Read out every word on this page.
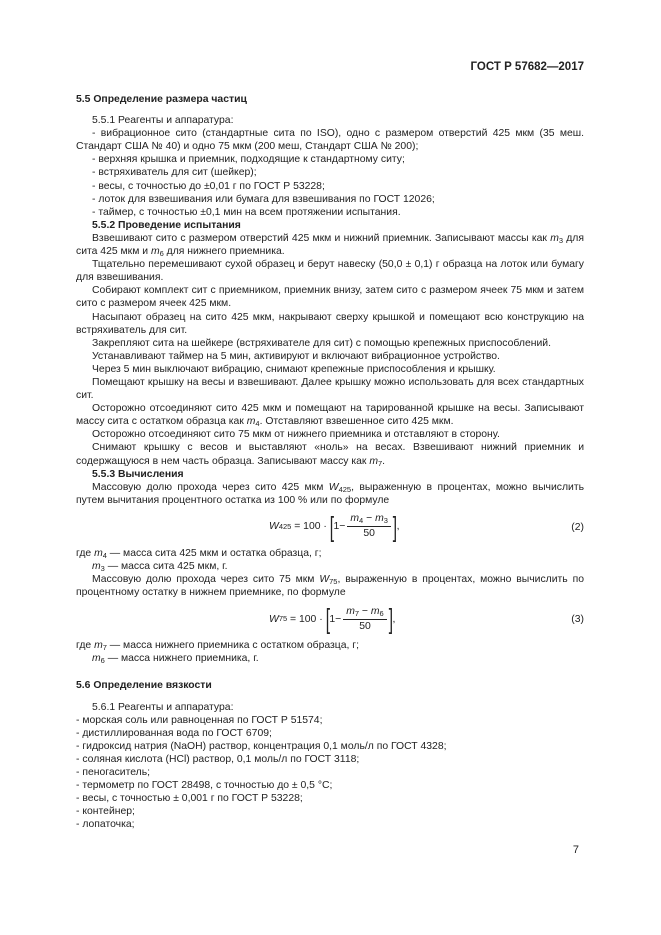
ГОСТ Р 57682—2017

5.5 Определение размера частиц

5.5.1 Реагенты и аппаратура:

- вибрационное сито (стандартные сита по ISO), одно с размером отверстий 425 мкм (35 меш. Стандарт США № 40) и одно 75 мкм (200 меш, Стандарт США № 200);

- верхняя крышка и приемник, подходящие к стандартному ситу;

- встряхиватель для сит (шейкер);

- весы, с точностью до ±0,01 г по ГОСТ Р 53228;

- лоток для взвешивания или бумага для взвешивания по ГОСТ 12026;

- таймер, с точностью ±0,1 мин на всем протяжении испытания.

5.5.2 Проведение испытания

Взвешивают сито с размером отверстий 425 мкм и нижний приемник. Записывают массы как $m_3$ для сита 425 мкм и $m_6$ для нижнего приемника.

Тщательно перемешивают сухой образец и берут навеску (50,0 ± 0,1) г образца на лоток или бумагу для взвешивания.

Собирают комплект сит с приемником, приемник внизу, затем сито с размером ячеек 75 мкм и затем сито с размером ячеек 425 мкм.

Насыпают образец на сито 425 мкм, накрывают сверху крышкой и помещают всю конструкцию на встряхиватель для сит.

Закрепляют сита на шейкере (встряхивателе для сит) с помощью крепежных приспособлений.

Устанавливают таймер на 5 мин, активируют и включают вибрационное устройство.

Через 5 мин выключают вибрацию, снимают крепежные приспособления и крышку.

Помещают крышку на весы и взвешивают. Далее крышку можно использовать для всех стандартных сит.

Осторожно отсоединяют сито 425 мкм и помещают на тарированной крышке на весы. Записывают массу сита с остатком образца как $m_4$. Отставляют взвешенное сито 425 мкм.

Осторожно отсоединяют сито 75 мкм от нижнего приемника и отставляют в сторону.

Снимают крышку с весов и выставляют «ноль» на весах. Взвешивают нижний приемник и содержащуюся в нем часть образца. Записывают массу как $m_7$.

5.5.3 Вычисления

Массовую долю прохода через сито 425 мкм $W_{425}$, выраженную в процентах, можно вычислить путем вычитания процентного остатка из 100 % или по формуле

W 425
= 100 ·
[ $1- \frac{m_4 - m_3}{50}$ ] ,	(2)

где $m_4$ — масса сита 425 мкм и остатка образца, г;

$m_3$ — масса сита 425 мкм, г.

Массовую долю прохода через сито 75 мкм $W_{75}$, выраженную в процентах, можно вычислить по процентному остатку в нижнем приемнике, по формуле

W 75
= 100 ·
[ $1- \frac{m_7 - m_6}{50}$ ] ,	(3)

где $m_7$ — масса нижнего приемника с остатком образца, г;

$m_6$ — масса нижнего приемника, г.

5.6 Определение вязкости

5.6.1 Реагенты и аппаратура:

- морская соль или равноценная по ГОСТ Р 51574;

- дистиллированная вода по ГОСТ 6709;

- гидроксид натрия (NaOH) раствор, концентрация 0,1 моль/л по ГОСТ 4328;

- соляная кислота (HCl) раствор, 0,1 моль/л по ГОСТ 3118;

- пеногаситель;

- термометр по ГОСТ 28498, с точностью до ± 0,5 °С;

- весы, с точностью ± 0,001 г по ГОСТ Р 53228;

- контейнер;

- лопаточка;

7
